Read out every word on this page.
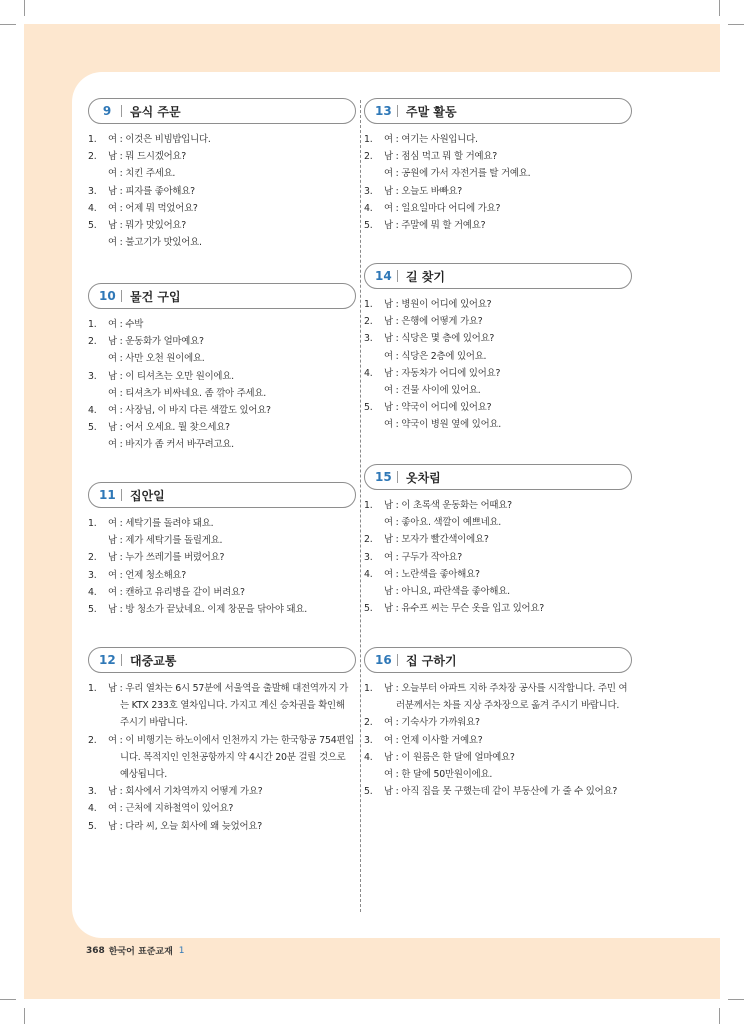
9	음식 주문
1.	여 : 이것은 비빔밥입니다.
2.	남 : 뭐 드시겠어요?
여 : 치킨 주세요.
3.	남 : 피자를 좋아해요?
4.	여 : 어제 뭐 먹었어요?
5.	남 : 뭐가 맛있어요?
여 : 불고기가 맛있어요.
10 물건 구입
1.	여 : 수박
2.	남 : 운동화가 얼마예요?
여 : 사만 오천 원이에요.
3.	남 : 이 티셔츠는 오만 원이에요.
여 : 티셔츠가 비싸네요. 좀 깎아 주세요.
4.	여 : 사장님, 이 바지 다른 색깔도 있어요?
5.	남 : 어서 오세요. 뭘 찾으세요?
여 : 바지가 좀 커서 바꾸려고요.
11 집안일
1.	여 : 세탁기를 돌려야 돼요.
남 : 제가 세탁기를 돌릴게요.
2.	남 : 누가 쓰레기를 버렸어요?
3.	여 : 언제 청소해요?
4.	여 : 캔하고 유리병을 같이 버려요?
5.	남 : 방 청소가 끝났네요. 이제 창문을 닦아야 돼요.
12 대중교통
1.	남 : 우리 열차는 6시 57분에 서울역을 출발해 대전역까지 가
는 KTX 233호 열차입니다. 가지고 계신 승차권을 확인해
주시기 바랍니다.
2.	여 : 이 비행기는 하노이에서 인천까지 가는 한국항공 754편입
니다. 목적지인 인천공항까지 약 4시간 20분 걸릴 것으로
예상됩니다.
3.	남 : 회사에서 기차역까지 어떻게 가요?
4.	여 : 근처에 지하철역이 있어요?
5.	남 : 다라 씨, 오늘 회사에 왜 늦었어요?
13 주말 활동
1.	여 : 여기는 사원입니다.
2.	남 : 점심 먹고 뭐 할 거예요?
여 : 공원에 가서 자전거를 탈 거예요.
3.	남 : 오늘도 바빠요?
4.	여 : 일요일마다 어디에 가요?
5.	남 : 주말에 뭐 할 거예요?
14 길 찾기
1.	남 : 병원이 어디에 있어요?
2.	남 : 은행에 어떻게 가요?
3.	남 : 식당은 몇 층에 있어요?
여 : 식당은 2층에 있어요.
4.	남 : 자동차가 어디에 있어요?
여 : 건물 사이에 있어요.
5.	남 : 약국이 어디에 있어요?
여 : 약국이 병원 옆에 있어요.
15 옷차림
1.	남 : 이 초록색 운동화는 어때요?
여 : 좋아요. 색깔이 예쁘네요.
2.	남 : 모자가 빨간색이에요?
3.	여 : 구두가 작아요?
4.	여 : 노란색을 좋아해요?
남 : 아니요, 파란색을 좋아해요.
5.	남 : 유수프 씨는 무슨 옷을 입고 있어요?
16 집 구하기
1.	남 : 오늘부터 아파트 지하 주차장 공사를 시작합니다. 주민 여
러분께서는 차를 지상 주차장으로 옮겨 주시기 바랍니다.
2.	여 : 기숙사가 가까워요?
3.	여 : 언제 이사할 거예요?
4.	남 : 이 원룸은 한 달에 얼마예요?
여 : 한 달에 50만원이에요.
5.	남 : 아직 집을 못 구했는데 같이 부동산에 가 줄 수 있어요?
368 한국어 표준교재 1
